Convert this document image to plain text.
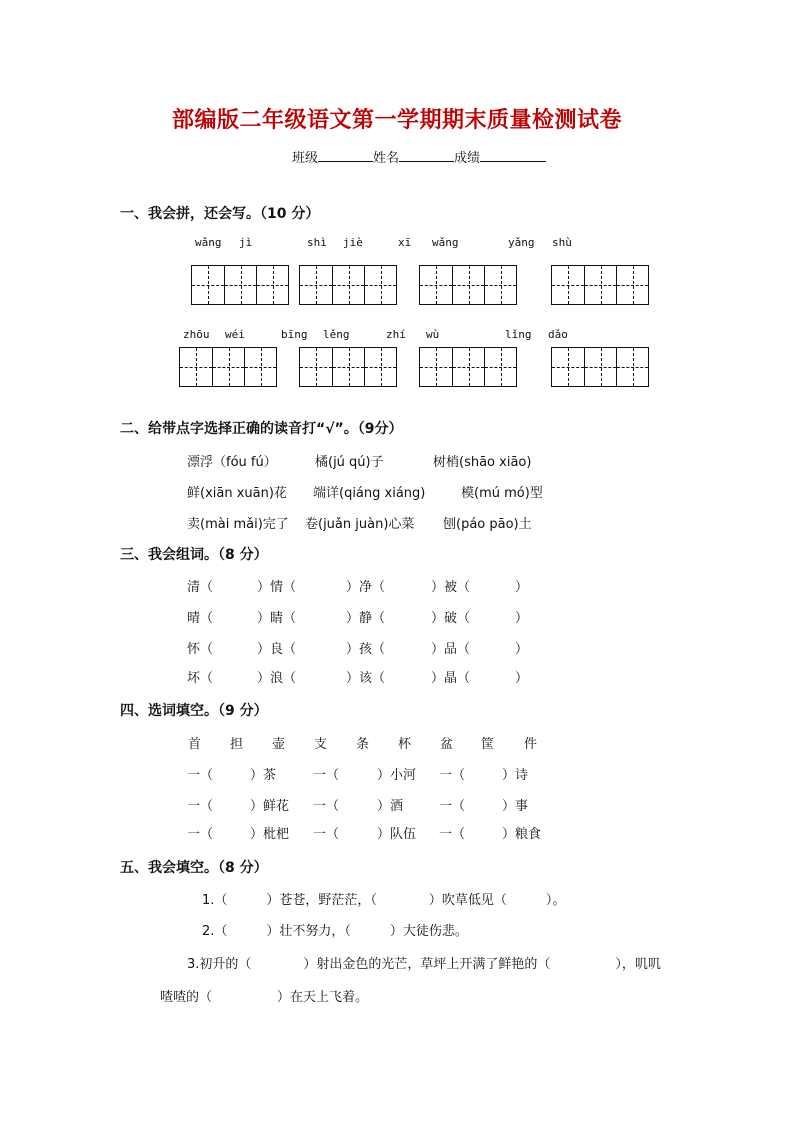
部编版二年级语文第一学期期末质量检测试卷
班级	姓名	成绩
一、我会拼，还会写。（10 分）
wǎng jì	shì jiè	xī wǎng	yǎng shù
zhōu wéi	bīng lěng	zhí wù	lǐng dǎo
二、给带点字选择正确的读音打“√”。（9分）
漂浮（fóu fú）	橘(jú qú)子	树梢(shāo xiāo)
鲜(xiān xuān)花 端详(qiáng xiáng)	模(mú mó)型
卖(mài mǎi)完了 卷(juǎn juàn)心菜 刨(páo pāo)土
三、我会组词。（8 分）
清（	）情（	）净（	）被（	）
晴（	）睛（	）静（	）破（	）
怀（	）良（	）孩（	）品（	）
坏（	）浪（	）该（	）晶（	）
四、选词填空。（9 分）
首 担 壶 支 条 杯 盆 筐 件
一（	）茶	一（	）小河 一（	）诗
一（	）鲜花 一（	）酒	一（	）事
一（	）枇杷 一（	）队伍 一（	）粮食
五、我会填空。（8 分）
1.（　　　）苍苍，野茫茫，（　　　　）吹草低见（　　　）。
2.（　　　）壮不努力，（　　　）大徒伤悲。
3.初升的（　　　　）射出金色的光芒，草坪上开满了鲜艳的（　　　　　），叽叽
喳喳的（　　　　　）在天上飞着。
